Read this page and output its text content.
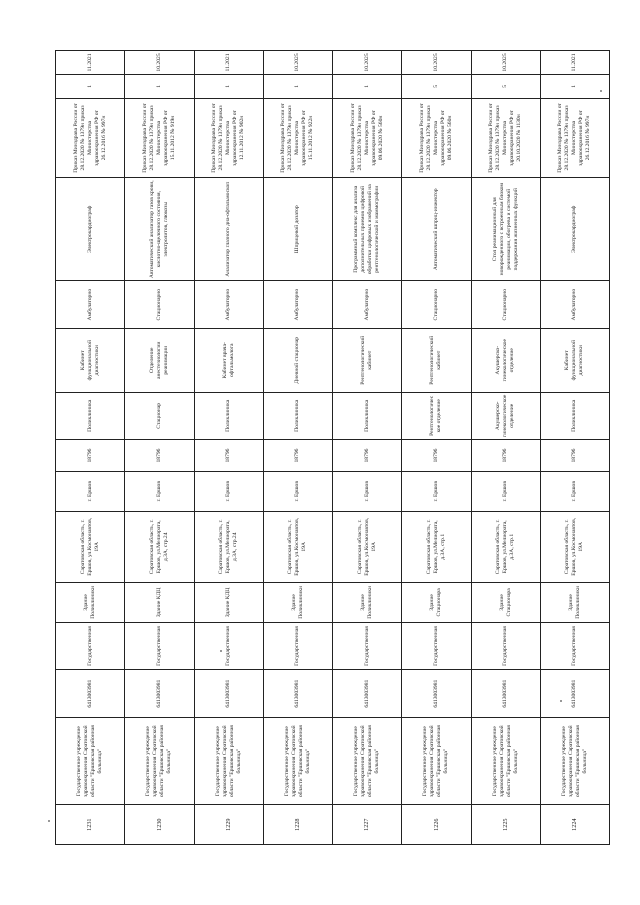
1231	Государственное учреждение здравоохранения Саратовской области "Ершовская районная больница"	6413003981	Государственная	Здание Поликлиники	Саратовская область, г. Ершов, ул.Космонавтов, 19А	г. Ершов	18796	Поликлиника	Кабинет функциональной диагностики	Амбулаторно	Электрокардиограф	Приказ Минздрава России от 28.12.2020 № 1379н приказ Министерства здравоохранения РФ от 26.12.2016 № 997н	1	11.2021
1230	Государственное учреждение здравоохранения Саратовской области "Ершовская районная больница"	6413003981	Государственная	Здание КДЦ	Саратовская область, г. Ершов, ул.Мелиората, д.3А, стр.24	г. Ершов	18796	Стационар	Отделение анестезиологии реанимации	Стационарно	Автоматический анализатор газов крови, кислотно-щелочного состояния, электролитов, глюкозы	Приказ Минздрава России от 28.12.2020 № 1379н приказ Министерства здравоохранения РФ от 15.11.2012 № 919н	1	10.2025
1229	Государственное учреждение здравоохранения Саратовской области "Ершовская районная больница"	6413003981	Государственная	Здание КДЦ	Саратовская область, г. Ершов, ул.Мелиората, д.3А, стр.24	г. Ершов	18796	Поликлиника	Кабинет врача-офтальмолога	Амбулаторно	Анализатор глазного дна-офтальмоскоп	Приказ Минздрава России от 28.12.2020 № 1379н приказ Министерства здравоохранения РФ от 12.11.2012 № 902н	1	11.2021
1228	Государственное учреждение здравоохранения Саратовской области "Ершовская районная больница"	6413003981	Государственная	Здание Поликлиники	Саратовская область, г. Ершов, ул.Космонавтов, 19А	г. Ершов	18796	Поликлиника	Дневной стационар	Амбулаторно	Шприцевой дозатор	Приказ Минздрава России от 28.12.2020 № 1379н приказ Министерства здравоохранения РФ от 15.11.2012 № 922н	1	10.2025
1227	Государственное учреждение здравоохранения Саратовской области "Ершовская районная больница"	6413003981	Государственная	Здание Поликлиники	Саратовская область, г. Ершов, ул.Космонавтов, 19А	г. Ершов	18796	Поликлиника	Рентгенологический кабинет	Амбулаторно	Программный комплекс для анализа дополнительных приемов цифровой обработки цифровых изображений на рентгенологической и маммографии	Приказ Минздрава России от 28.12.2020 № 1379н приказ Министерства здравоохранения РФ от 09.06.2020 № 560н	1	10.2025
1226	Государственное учреждение здравоохранения Саратовской области "Ершовская районная больница"	6413003981	Государственная	Здание Стационара	Саратовская область, г. Ершов, ул.Мелиората, д.3А, стр.1	г. Ершов	18796	Рентгенологическое отделение	Рентгенологический кабинет	Стационарно	Автоматический шприц-инжектор	Приказ Минздрава России от 28.12.2020 № 1379н приказ Министерства здравоохранения РФ от 09.06.2020 № 560н	5	10.2025
1225	Государственное учреждение здравоохранения Саратовской области "Ершовская районная больница"	6413003981	Государственная	Здание Стационара	Саратовская область, г. Ершов, ул.Мелиората, д.3А, стр.1	г. Ершов	18796	Акушерско-гинекологическое отделение	Акушерско-гинекологическое отделение	Стационарно	Стол реанимационный для новорожденного с встроенным блоком реанимации, обогрева и системой поддержания жизненных функций	Приказ Минздрава России от 28.12.2020 № 1379н приказ Министерства здравоохранения РФ от 20.10.2020 № 1130н	5	10.2025
1224	Государственное учреждение здравоохранения Саратовской области "Ершовская районная больница"	6413003981	Государственная	Здание Поликлиники	Саратовская область, г. Ершов, ул.Космонавтов, 19А	г. Ершов	18796	Поликлиника	Кабинет функциональной диагностики	Амбулаторно	Электрокардиограф	Приказ Минздрава России от 28.12.2020 № 1379н приказ Министерства здравоохранения РФ от 26.12.2016 № 997н	1	11.2021
